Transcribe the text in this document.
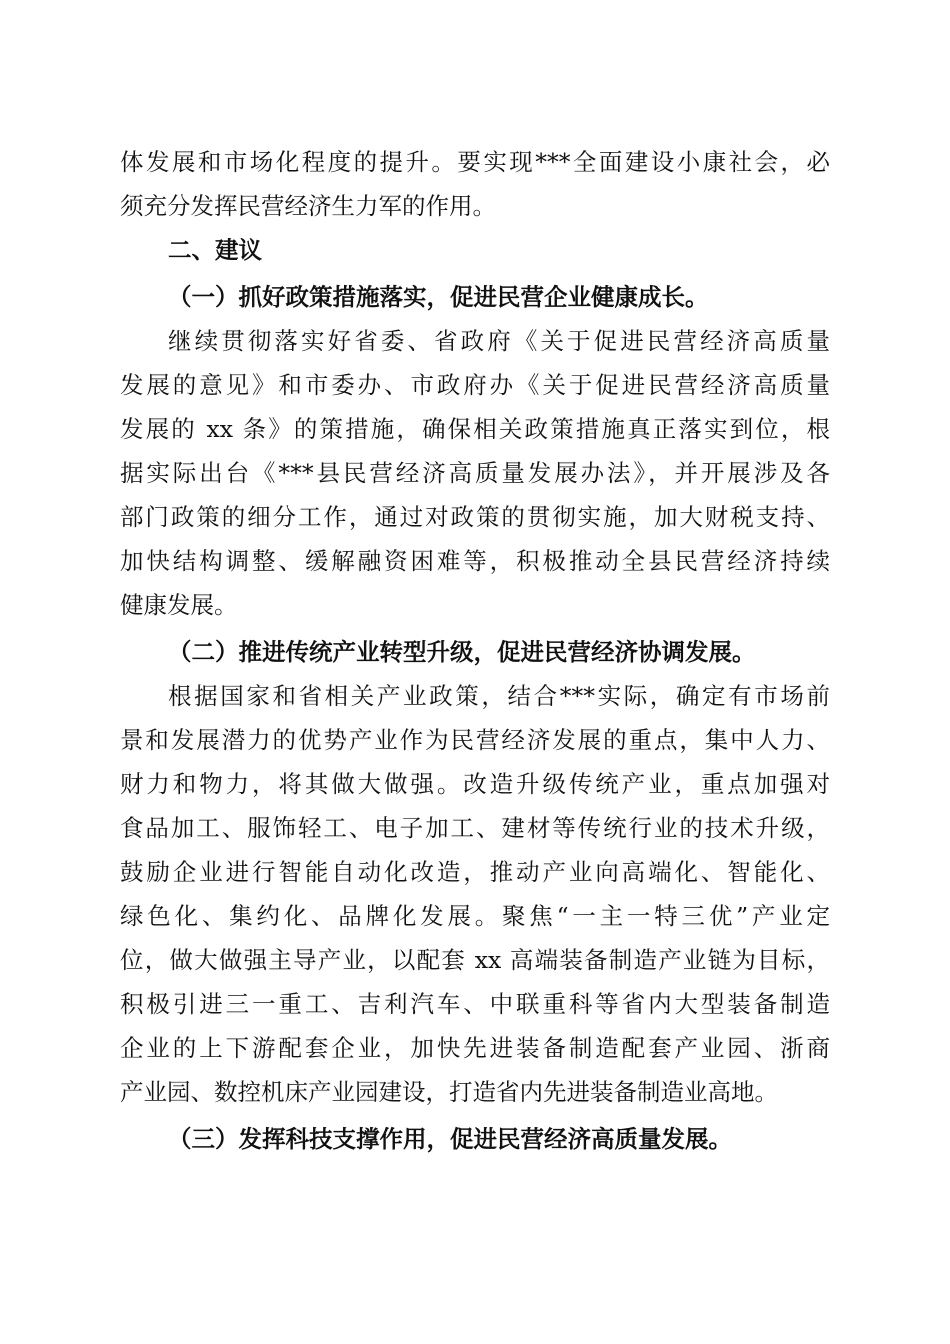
体发展和市场化程度的提升。要实现***全面建设小康社会，必
须充分发挥民营经济生力军的作用。
二、建议
（一）抓好政策措施落实，促进民营企业健康成长。
继续贯彻落实好省委、省政府《关于促进民营经济高质量
发展的意见》和市委办、市政府办《关于促进民营经济高质量
发展的 xx 条》的策措施，确保相关政策措施真正落实到位，根
据实际出台《***县民营经济高质量发展办法》，并开展涉及各
部门政策的细分工作，通过对政策的贯彻实施，加大财税支持、
加快结构调整、缓解融资困难等，积极推动全县民营经济持续
健康发展。
（二）推进传统产业转型升级，促进民营经济协调发展。
根据国家和省相关产业政策，结合***实际，确定有市场前
景和发展潜力的优势产业作为民营经济发展的重点，集中人力、
财力和物力，将其做大做强。改造升级传统产业，重点加强对
食品加工、服饰轻工、电子加工、建材等传统行业的技术升级，
鼓励企业进行智能自动化改造，推动产业向高端化、智能化、
绿色化、集约化、品牌化发展。聚焦“一主一特三优”产业定
位，做大做强主导产业，以配套 xx 高端装备制造产业链为目标，
积极引进三一重工、吉利汽车、中联重科等省内大型装备制造
企业的上下游配套企业，加快先进装备制造配套产业园、浙商
产业园、数控机床产业园建设，打造省内先进装备制造业高地。
（三）发挥科技支撑作用，促进民营经济高质量发展。
